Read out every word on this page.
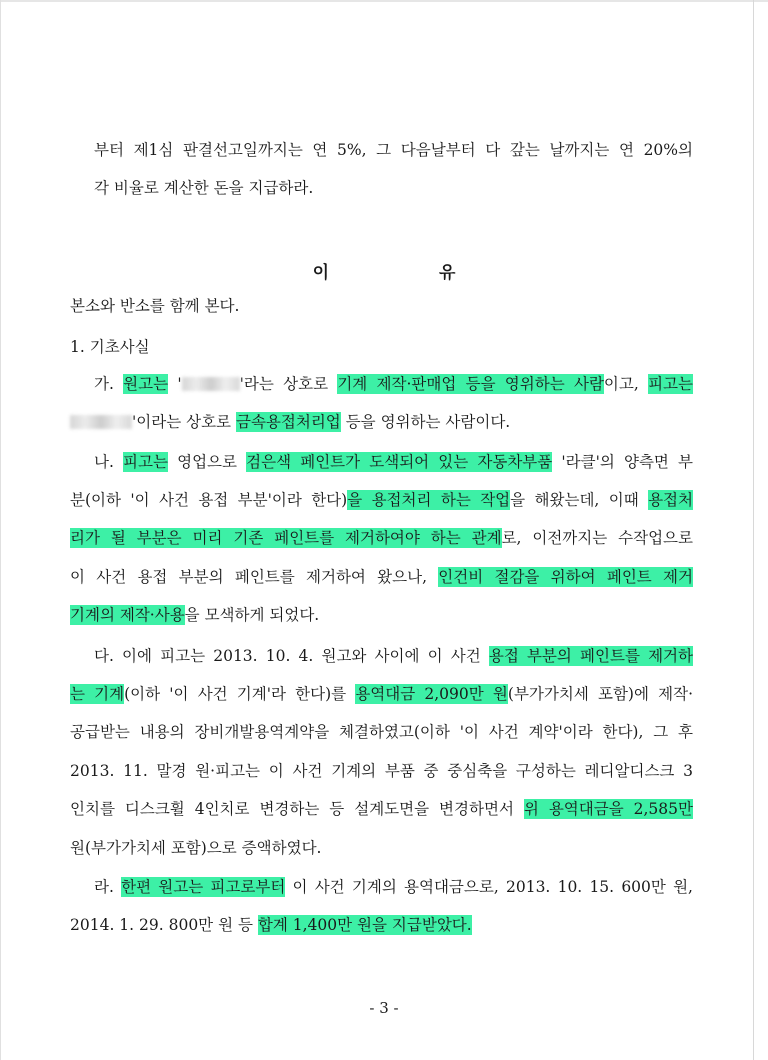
부터 제1심 판결선고일까지는 연 5%, 그 다음날부터 다 갚는 날까지는 연 20%의
각 비율로 계산한 돈을 지급하라.
이 유
본소와 반소를 함께 본다.
1. 기초사실
가. 원고는 '	'라는 상호로 기계 제작·판매업 등을 영위하는 사람이고, 피고는
'이라는 상호로 금속용접처리업 등을 영위하는 사람이다.
나. 피고는 영업으로 검은색 페인트가 도색되어 있는 자동차부품 '라클'의 양측면 부
분(이하 '이 사건 용접 부분'이라 한다)을 용접처리 하는 작업을 해왔는데, 이때 용접처
리가 될 부분은 미리 기존 페인트를 제거하여야 하는 관계로, 이전까지는 수작업으로
이 사건 용접 부분의 페인트를 제거하여 왔으나, 인건비 절감을 위하여 페인트 제거
기계의 제작·사용을 모색하게 되었다.
다. 이에 피고는 2013. 10. 4. 원고와 사이에 이 사건 용접 부분의 페인트를 제거하
는 기계(이하 '이 사건 기계'라 한다)를 용역대금 2,090만 원(부가가치세 포함)에 제작·
공급받는 내용의 장비개발용역계약을 체결하였고(이하 '이 사건 계약'이라 한다), 그 후
2013. 11. 말경 원·피고는 이 사건 기계의 부품 중 중심축을 구성하는 레디알디스크 3
인치를 디스크휠 4인치로 변경하는 등 설계도면을 변경하면서 위 용역대금을 2,585만
원(부가가치세 포함)으로 증액하였다.
라. 한편 원고는 피고로부터 이 사건 기계의 용역대금으로, 2013. 10. 15. 600만 원,
2014. 1. 29. 800만 원 등 합계 1,400만 원을 지급받았다.
- 3 -
